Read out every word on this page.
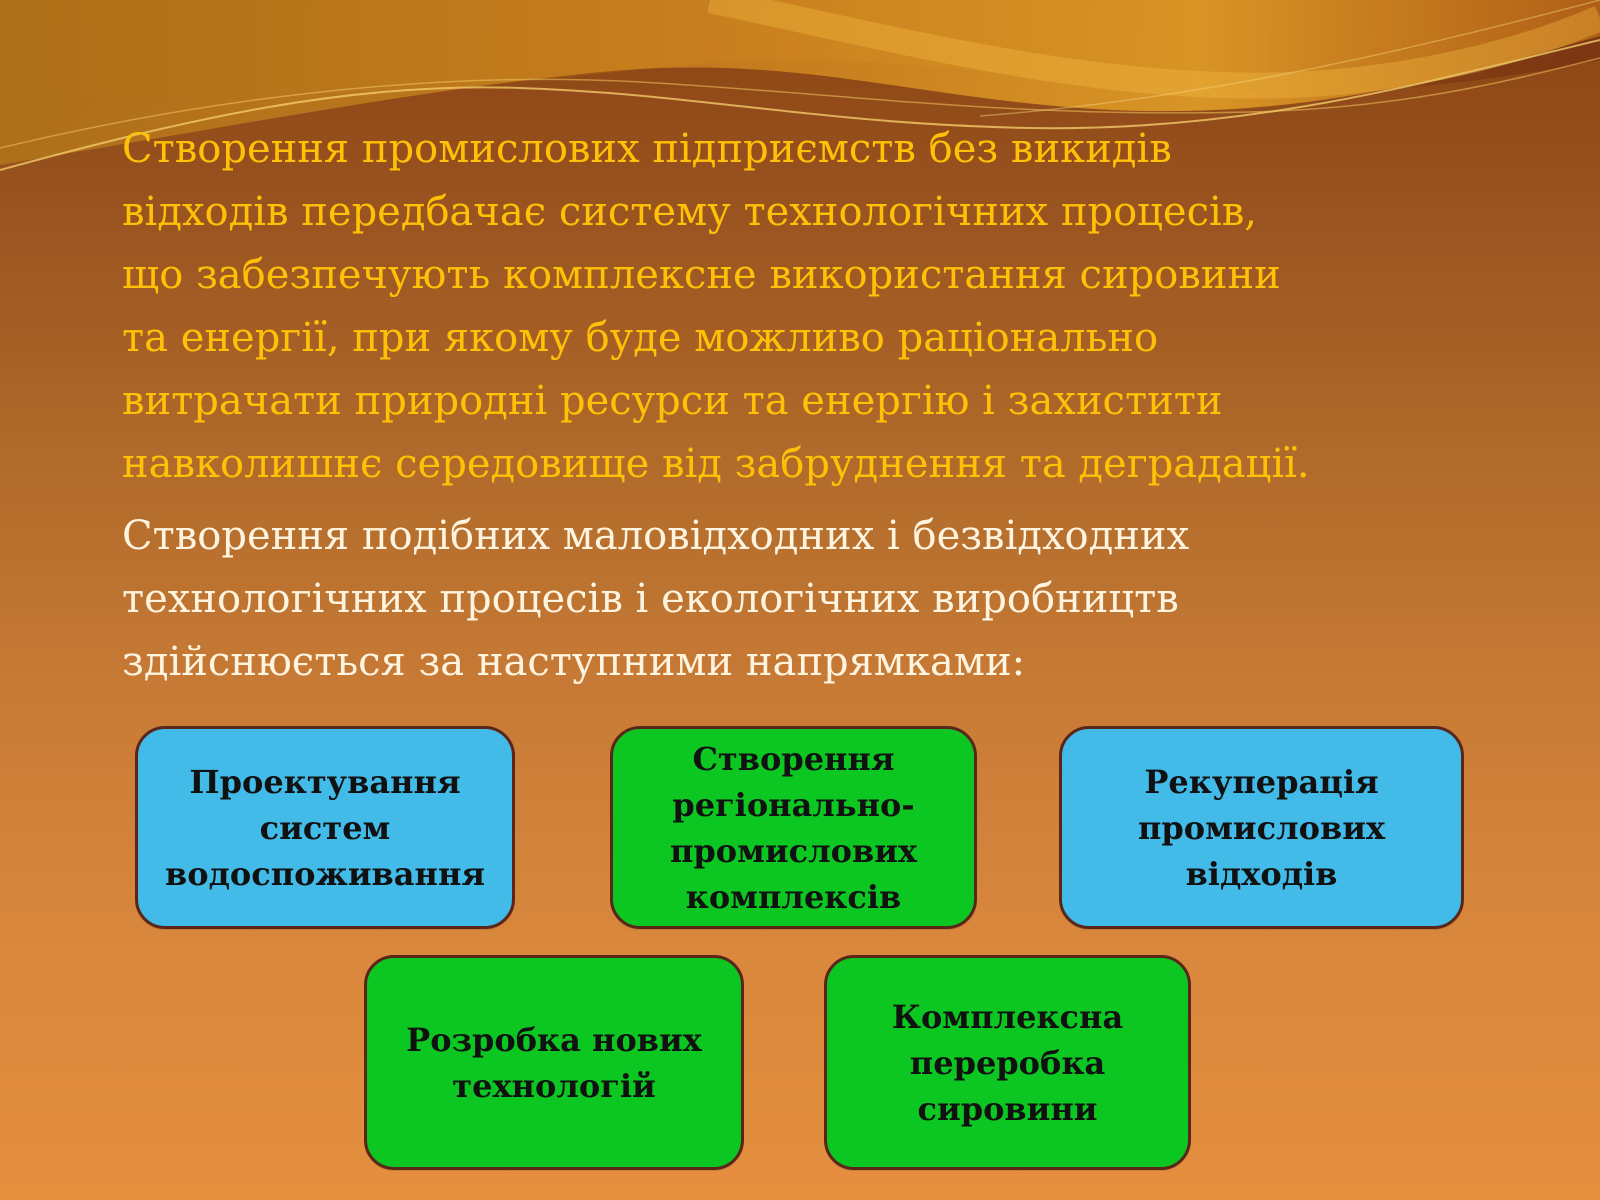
Створення промислових підприємств без викидів
відходів передбачає систему технологічних процесів,
що забезпечують комплексне використання сировини
та енергії, при якому буде можливо раціонально
витрачати природні ресурси та енергію і захистити
навколишнє середовище від забруднення та деградації.

Створення подібних маловідходних і безвідходних
технологічних процесів і екологічних виробництв
здійснюється за наступними напрямками:

Проектування
систем
водоспоживання
Створення
регіонально-
промислових
комплексів
Рекуперація
промислових
відходів
Розробка нових
технологій
Комплексна
переробка
сировини
